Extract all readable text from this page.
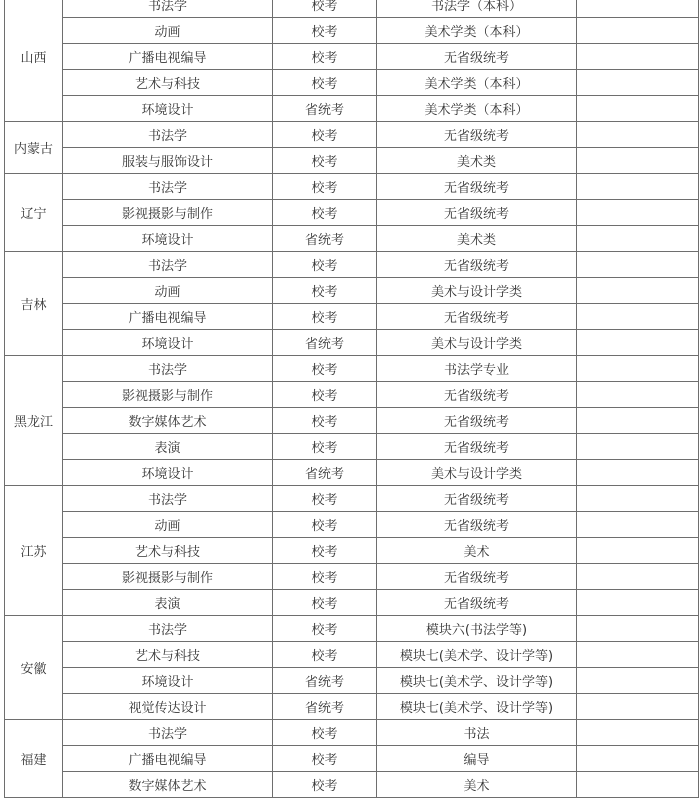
山西	书法学	校考	书法学（本科）	
	动画	校考	美术学类（本科）	
	广播电视编导	校考	无省级统考	
	艺术与科技	校考	美术学类（本科）	
	环境设计	省统考	美术学类（本科）	
内蒙古	书法学	校考	无省级统考	
	服装与服饰设计	校考	美术类	
辽宁	书法学	校考	无省级统考	
	影视摄影与制作	校考	无省级统考	
	环境设计	省统考	美术类	
吉林	书法学	校考	无省级统考	
	动画	校考	美术与设计学类	
	广播电视编导	校考	无省级统考	
	环境设计	省统考	美术与设计学类	
黑龙江	书法学	校考	书法学专业	
	影视摄影与制作	校考	无省级统考	
	数字媒体艺术	校考	无省级统考	
	表演	校考	无省级统考	
	环境设计	省统考	美术与设计学类	
江苏	书法学	校考	无省级统考	
	动画	校考	无省级统考	
	艺术与科技	校考	美术	
	影视摄影与制作	校考	无省级统考	
	表演	校考	无省级统考	
安徽	书法学	校考	模块六(书法学等)	
	艺术与科技	校考	模块七(美术学、设计学等)	
	环境设计	省统考	模块七(美术学、设计学等)	
	视觉传达设计	省统考	模块七(美术学、设计学等)	
福建	书法学	校考	书法	
	广播电视编导	校考	编导	
	数字媒体艺术	校考	美术	
